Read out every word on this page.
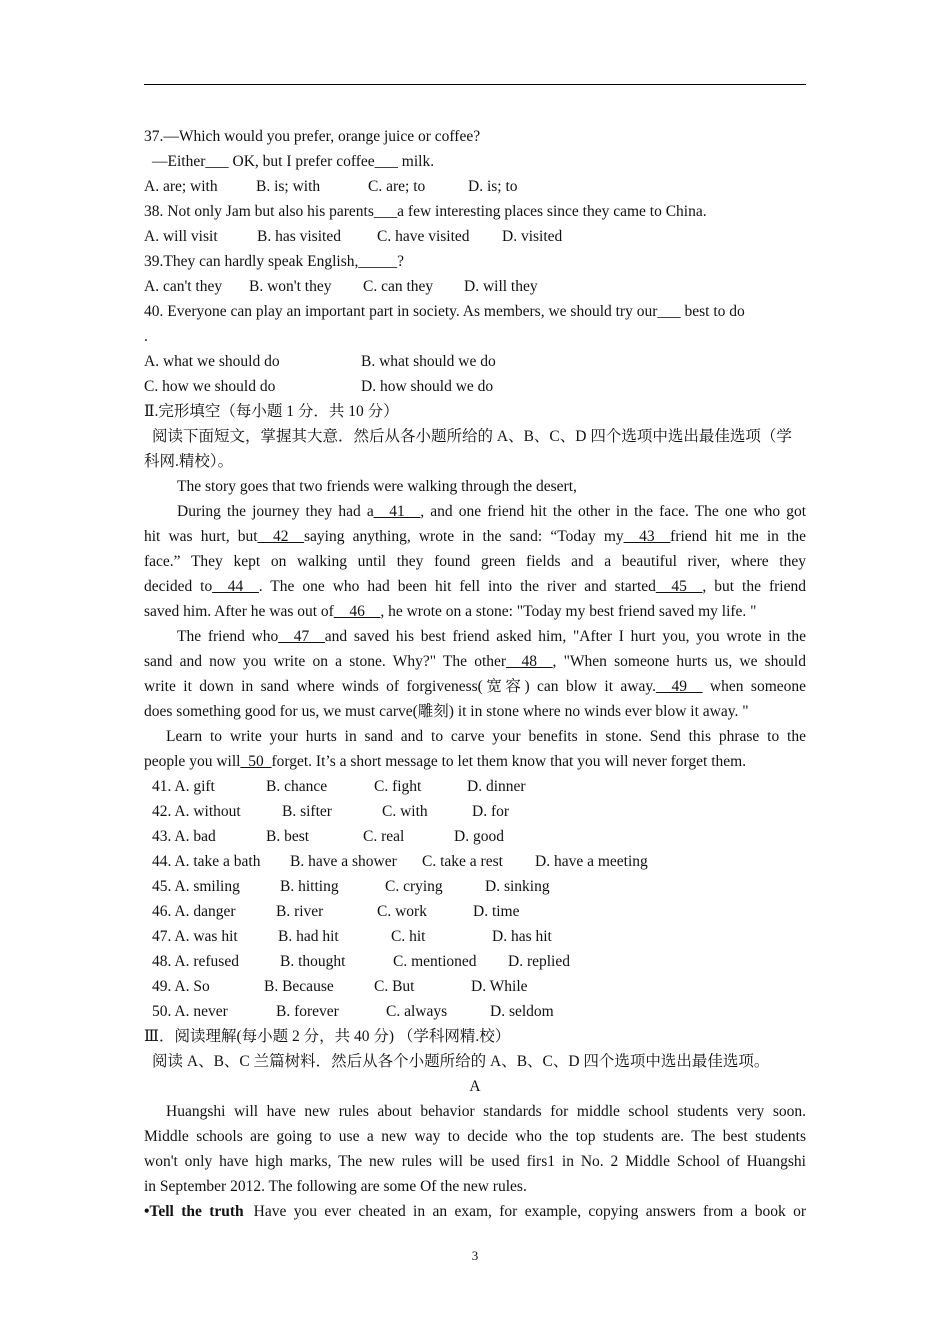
37.—Which would you prefer, orange juice or coffee?
—Either___ OK, but I prefer coffee___ milk.
A. are; with B. is; with	C. are; to	D. is; to
38. Not only Jam but also his parents___a few interesting places since they came to China.
A. will visit	B. has visited C. have visited D. visited
39.They can hardly speak English,_____?
A. can't they B. won't they C. can they D. will they
40. Everyone can play an important part in society. As members, we should try our___ best to do
.
A. what we should do	B. what should we do
C. how we should do	D. how should we do
Ⅱ.完形填空（每小题 1 分．共 10 分）
阅读下面短文，掌握其大意．然后从各小题所给的 A、B、C、D 四个选项中选出最佳选项（学
科网.精校）。
The story goes that two friends were walking through the desert,
During the journey they had a__41__, and one friend hit the other in the face. The one who got
hit was hurt, but__42__saying anything, wrote in the sand: “Today my__43__friend hit me in the
face.” They kept on walking until they found green fields and a beautiful river, where they
decided to__44__. The one who had been hit fell into the river and started__45__, but the friend
saved him. After he was out of__46__, he wrote on a stone: "Today my best friend saved my life. "
The friend who__47__and saved his best friend asked him, "After I hurt you, you wrote in the
sand and now you write on a stone. Why?" The other__48__, "When someone hurts us, we should
write it down in sand where winds of forgiveness(宽容) can blow it away.__49__ when someone
does something good for us, we must carve(雕刻) it in stone where no winds ever blow it away. "
Learn to write your hurts in sand and to carve your benefits in stone. Send this phrase to the
people you will_50_forget. It’s a short message to let them know that you will never forget them.
41. A. gift	B. chance	C. fight	D. dinner
42. A. without	B. sifter	C. with	D. for
43. A. bad	B. best	C. real	D. good
44. A. take a bath B. have a shower C. take a rest D. have a meeting
45. A. smiling	B. hitting	C. crying	D. sinking
46. A. danger	B. river	C. work	D. time
47. A. was hit	B. had hit	C. hit	D. has hit
48. A. refused	B. thought	C. mentioned D. replied
49. A. So	B. Because	C. But	D. While
50. A. never	B. forever	C. always	D. seldom
Ⅲ．阅读理解(每小题 2 分，共 40 分) （学科网精.校）
阅读 A、B、C 兰篇树料．然后从各个小题所给的 A、B、C、D 四个选项中选出最佳选项。
A
Huangshi will have new rules about behavior standards for middle school students very soon.
Middle schools are going to use a new way to decide who the top students are. The best students
won't only have high marks, The new rules will be used firs1 in No. 2 Middle School of Huangshi
in September 2012. The following are some Of the new rules.
•Tell the truth Have you ever cheated in an exam, for example, copying answers from a book or
3
